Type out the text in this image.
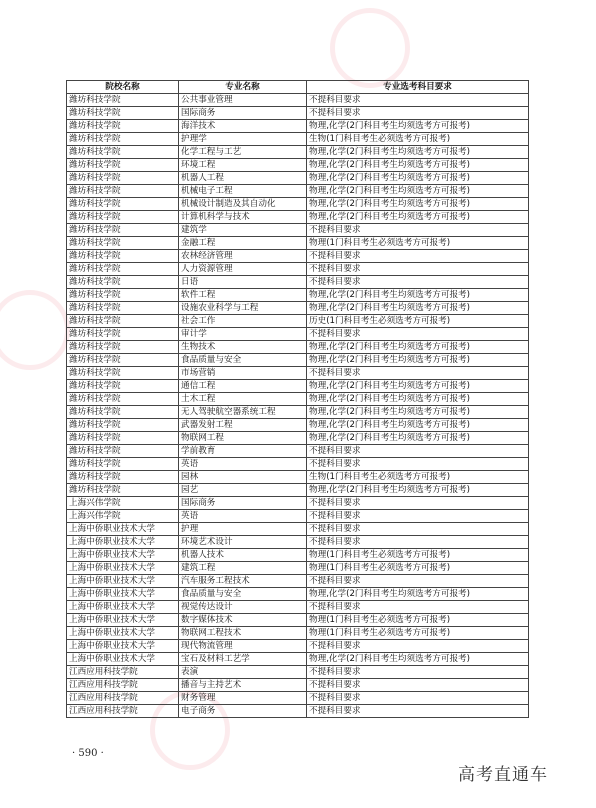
院校名称	专业名称	专业选考科目要求
潍坊科技学院	公共事业管理	不提科目要求
潍坊科技学院	国际商务	不提科目要求
潍坊科技学院	海洋技术	物理,化学(2门科目考生均须选考方可报考)
潍坊科技学院	护理学	生物(1门科目考生必须选考方可报考)
潍坊科技学院	化学工程与工艺	物理,化学(2门科目考生均须选考方可报考)
潍坊科技学院	环境工程	物理,化学(2门科目考生均须选考方可报考)
潍坊科技学院	机器人工程	物理,化学(2门科目考生均须选考方可报考)
潍坊科技学院	机械电子工程	物理,化学(2门科目考生均须选考方可报考)
潍坊科技学院	机械设计制造及其自动化	物理,化学(2门科目考生均须选考方可报考)
潍坊科技学院	计算机科学与技术	物理,化学(2门科目考生均须选考方可报考)
潍坊科技学院	建筑学	不提科目要求
潍坊科技学院	金融工程	物理(1门科目考生必须选考方可报考)
潍坊科技学院	农林经济管理	不提科目要求
潍坊科技学院	人力资源管理	不提科目要求
潍坊科技学院	日语	不提科目要求
潍坊科技学院	软件工程	物理,化学(2门科目考生均须选考方可报考)
潍坊科技学院	设施农业科学与工程	物理,化学(2门科目考生均须选考方可报考)
潍坊科技学院	社会工作	历史(1门科目考生必须选考方可报考)
潍坊科技学院	审计学	不提科目要求
潍坊科技学院	生物技术	物理,化学(2门科目考生均须选考方可报考)
潍坊科技学院	食品质量与安全	物理,化学(2门科目考生均须选考方可报考)
潍坊科技学院	市场营销	不提科目要求
潍坊科技学院	通信工程	物理,化学(2门科目考生均须选考方可报考)
潍坊科技学院	土木工程	物理,化学(2门科目考生均须选考方可报考)
潍坊科技学院	无人驾驶航空器系统工程	物理,化学(2门科目考生均须选考方可报考)
潍坊科技学院	武器发射工程	物理,化学(2门科目考生均须选考方可报考)
潍坊科技学院	物联网工程	物理,化学(2门科目考生均须选考方可报考)
潍坊科技学院	学前教育	不提科目要求
潍坊科技学院	英语	不提科目要求
潍坊科技学院	园林	生物(1门科目考生必须选考方可报考)
潍坊科技学院	园艺	物理,化学(2门科目考生均须选考方可报考)
上海兴伟学院	国际商务	不提科目要求
上海兴伟学院	英语	不提科目要求
上海中侨职业技术大学	护理	不提科目要求
上海中侨职业技术大学	环境艺术设计	不提科目要求
上海中侨职业技术大学	机器人技术	物理(1门科目考生必须选考方可报考)
上海中侨职业技术大学	建筑工程	物理(1门科目考生必须选考方可报考)
上海中侨职业技术大学	汽车服务工程技术	不提科目要求
上海中侨职业技术大学	食品质量与安全	物理,化学(2门科目考生均须选考方可报考)
上海中侨职业技术大学	视觉传达设计	不提科目要求
上海中侨职业技术大学	数字媒体技术	物理(1门科目考生必须选考方可报考)
上海中侨职业技术大学	物联网工程技术	物理(1门科目考生必须选考方可报考)
上海中侨职业技术大学	现代物流管理	不提科目要求
上海中侨职业技术大学	宝石及材料工艺学	物理,化学(2门科目考生均须选考方可报考)
江西应用科技学院	表演	不提科目要求
江西应用科技学院	播音与主持艺术	不提科目要求
江西应用科技学院	财务管理	不提科目要求
江西应用科技学院	电子商务	不提科目要求
· 590 ·
高考直通车
